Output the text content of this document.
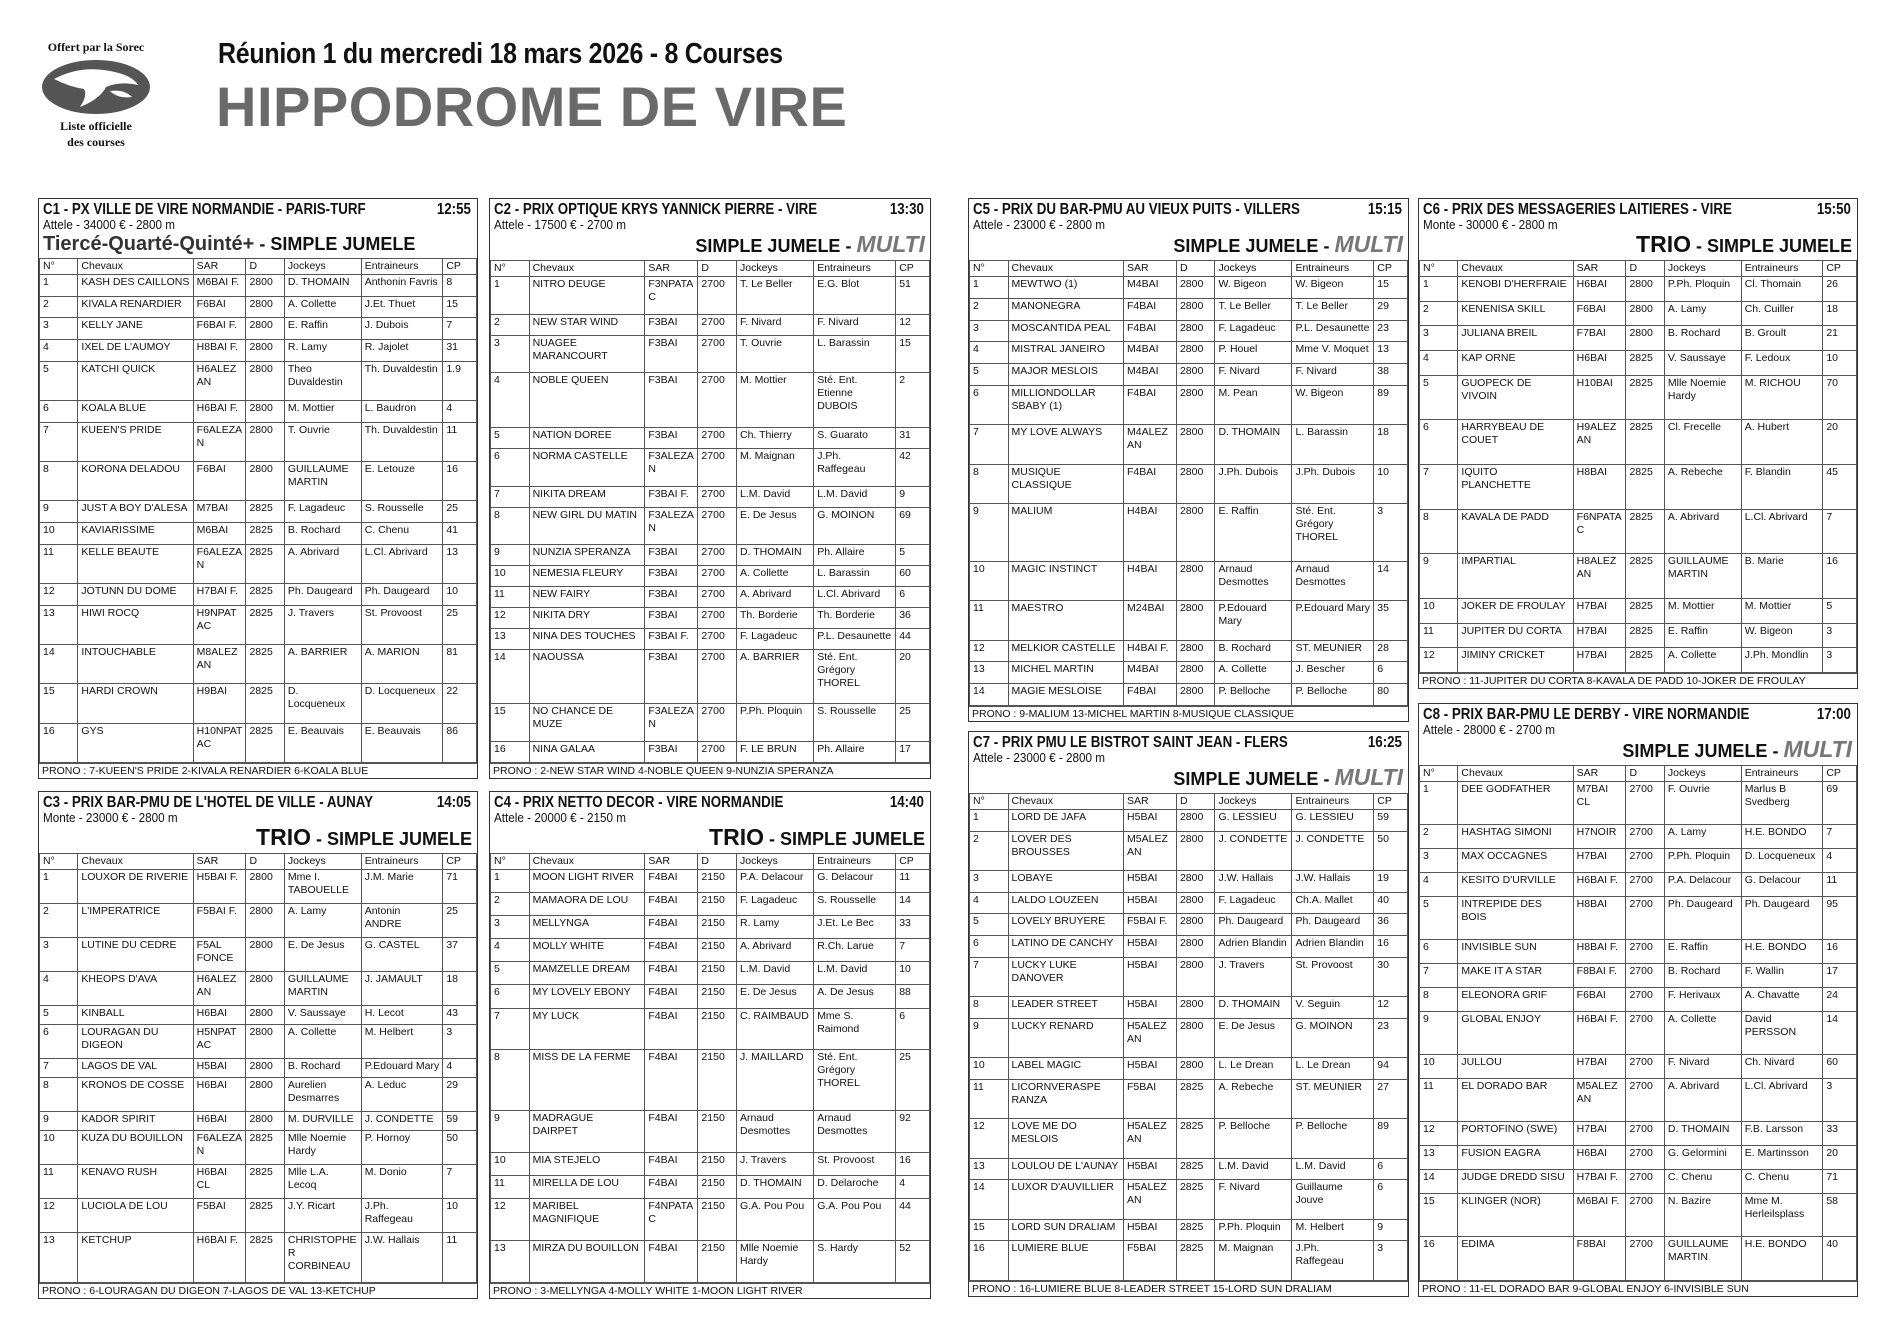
Offert par la Sorec
Liste officielle
des courses
Réunion 1 du mercredi 18 mars 2026 - 8 Courses
HIPPODROME DE VIRE
12:55
C1 - PX VILLE DE VIRE NORMANDIE - PARIS-TURF
Attele - 34000 € - 2800 m
Tiercé-Quarté-Quinté+ - SIMPLE JUMELE
N°	Chevaux	SAR	D	Jockeys	Entraineurs	CP
1	KASH DES CAILLONS	M6BAI F.	2800	D. THOMAIN	Anthonin Favris	8
2	KIVALA RENARDIER	F6BAI	2800	A. Collette	J.Et. Thuet	15
3	KELLY JANE	F6BAI F.	2800	E. Raffin	J. Dubois	7
4	IXEL DE L'AUMOY	H8BAI F.	2800	R. Lamy	R. Jajolet	31
5	KATCHI QUICK	H6ALEZAN	2800	Theo Duvaldestin	Th. Duvaldestin	1.9
6	KOALA BLUE	H6BAI F.	2800	M. Mottier	L. Baudron	4
7	KUEEN'S PRIDE	F6ALEZAN	2800	T. Ouvrie	Th. Duvaldestin	11
8	KORONA DELADOU	F6BAI	2800	GUILLAUME MARTIN	E. Letouze	16
9	JUST A BOY D'ALESA	M7BAI	2825	F. Lagadeuc	S. Rousselle	25
10	KAVIARISSIME	M6BAI	2825	B. Rochard	C. Chenu	41
11	KELLE BEAUTE	F6ALEZAN	2825	A. Abrivard	L.Cl. Abrivard	13
12	JOTUNN DU DOME	H7BAI F.	2825	Ph. Daugeard	Ph. Daugeard	10
13	HIWI ROCQ	H9NPATAC	2825	J. Travers	St. Provoost	25
14	INTOUCHABLE	M8ALEZAN	2825	A. BARRIER	A. MARION	81
15	HARDI CROWN	H9BAI	2825	D. Locqueneux	D. Locqueneux	22
16	GYS	H10NPATAC	2825	E. Beauvais	E. Beauvais	86
PRONO : 7-KUEEN'S PRIDE 2-KIVALA RENARDIER 6-KOALA BLUE
13:30
C2 - PRIX OPTIQUE KRYS YANNICK PIERRE - VIRE
Attele - 17500 € - 2700 m
SIMPLE JUMELE - MULTI
N°	Chevaux	SAR	D	Jockeys	Entraineurs	CP
1	NITRO DEUGE	F3NPATAC	2700	T. Le Beller	E.G. Blot	51
2	NEW STAR WIND	F3BAI	2700	F. Nivard	F. Nivard	12
3	NUAGEE MARANCOURT	F3BAI	2700	T. Ouvrie	L. Barassin	15
4	NOBLE QUEEN	F3BAI	2700	M. Mottier	Sté. Ent. Etienne DUBOIS	2
5	NATION DOREE	F3BAI	2700	Ch. Thierry	S. Guarato	31
6	NORMA CASTELLE	F3ALEZAN	2700	M. Maignan	J.Ph. Raffegeau	42
7	NIKITA DREAM	F3BAI F.	2700	L.M. David	L.M. David	9
8	NEW GIRL DU MATIN	F3ALEZAN	2700	E. De Jesus	G. MOINON	69
9	NUNZIA SPERANZA	F3BAI	2700	D. THOMAIN	Ph. Allaire	5
10	NEMESIA FLEURY	F3BAI	2700	A. Collette	L. Barassin	60
11	NEW FAIRY	F3BAI	2700	A. Abrivard	L.Cl. Abrivard	6
12	NIKITA DRY	F3BAI	2700	Th. Borderie	Th. Borderie	36
13	NINA DES TOUCHES	F3BAI F.	2700	F. Lagadeuc	P.L. Desaunette	44
14	NAOUSSA	F3BAI	2700	A. BARRIER	Sté. Ent. Grégory THOREL	20
15	NO CHANCE DE MUZE	F3ALEZAN	2700	P.Ph. Ploquin	S. Rousselle	25
16	NINA GALAA	F3BAI	2700	F. LE BRUN	Ph. Allaire	17
PRONO : 2-NEW STAR WIND 4-NOBLE QUEEN 9-NUNZIA SPERANZA
14:05
C3 - PRIX BAR-PMU DE L'HOTEL DE VILLE - AUNAY
Monte - 23000 € - 2800 m
TRIO - SIMPLE JUMELE
N°	Chevaux	SAR	D	Jockeys	Entraineurs	CP
1	LOUXOR DE RIVERIE	H5BAI F.	2800	Mme I. TABOUELLE	J.M. Marie	71
2	L'IMPERATRICE	F5BAI F.	2800	A. Lamy	Antonin ANDRE	25
3	LUTINE DU CEDRE	F5AL FONCE	2800	E. De Jesus	G. CASTEL	37
4	KHEOPS D'AVA	H6ALEZAN	2800	GUILLAUME MARTIN	J. JAMAULT	18
5	KINBALL	H6BAI	2800	V. Saussaye	H. Lecot	43
6	LOURAGAN DU DIGEON	H5NPATAC	2800	A. Collette	M. Helbert	3
7	LAGOS DE VAL	H5BAI	2800	B. Rochard	P.Edouard Mary	4
8	KRONOS DE COSSE	H6BAI	2800	Aurelien Desmarres	A. Leduc	29
9	KADOR SPIRIT	H6BAI	2800	M. DURVILLE	J. CONDETTE	59
10	KUZA DU BOUILLON	F6ALEZAN	2825	Mlle Noemie Hardy	P. Hornoy	50
11	KENAVO RUSH	H6BAI CL	2825	Mlle L.A. Lecoq	M. Donio	7
12	LUCIOLA DE LOU	F5BAI	2825	J.Y. Ricart	J.Ph. Raffegeau	10
13	KETCHUP	H6BAI F.	2825	CHRISTOPHER CORBINEAU	J.W. Hallais	11
PRONO : 6-LOURAGAN DU DIGEON 7-LAGOS DE VAL 13-KETCHUP
14:40
C4 - PRIX NETTO DECOR - VIRE NORMANDIE
Attele - 20000 € - 2150 m
TRIO - SIMPLE JUMELE
N°	Chevaux	SAR	D	Jockeys	Entraineurs	CP
1	MOON LIGHT RIVER	F4BAI	2150	P.A. Delacour	G. Delacour	11
2	MAMAORA DE LOU	F4BAI	2150	F. Lagadeuc	S. Rousselle	14
3	MELLYNGA	F4BAI	2150	R. Lamy	J.Et. Le Bec	33
4	MOLLY WHITE	F4BAI	2150	A. Abrivard	R.Ch. Larue	7
5	MAMZELLE DREAM	F4BAI	2150	L.M. David	L.M. David	10
6	MY LOVELY EBONY	F4BAI	2150	E. De Jesus	A. De Jesus	88
7	MY LUCK	F4BAI	2150	C. RAIMBAUD	Mme S. Raimond	6
8	MISS DE LA FERME	F4BAI	2150	J. MAILLARD	Sté. Ent. Grégory THOREL	25
9	MADRAGUE DAIRPET	F4BAI	2150	Arnaud Desmottes	Arnaud Desmottes	92
10	MIA STEJELO	F4BAI	2150	J. Travers	St. Provoost	16
11	MIRELLA DE LOU	F4BAI	2150	D. THOMAIN	D. Delaroche	4
12	MARIBEL MAGNIFIQUE	F4NPATAC	2150	G.A. Pou Pou	G.A. Pou Pou	44
13	MIRZA DU BOUILLON	F4BAI	2150	Mlle Noemie Hardy	S. Hardy	52
PRONO : 3-MELLYNGA 4-MOLLY WHITE 1-MOON LIGHT RIVER
15:15
C5 - PRIX DU BAR-PMU AU VIEUX PUITS - VILLERS
Attele - 23000 € - 2800 m
SIMPLE JUMELE - MULTI
N°	Chevaux	SAR	D	Jockeys	Entraineurs	CP
1	MEWTWO (1)	M4BAI	2800	W. Bigeon	W. Bigeon	15
2	MANONEGRA	F4BAI	2800	T. Le Beller	T. Le Beller	29
3	MOSCANTIDA PEAL	F4BAI	2800	F. Lagadeuc	P.L. Desaunette	23
4	MISTRAL JANEIRO	M4BAI	2800	P. Houel	Mme V. Moquet	13
5	MAJOR MESLOIS	M4BAI	2800	F. Nivard	F. Nivard	38
6	MILLIONDOLLAR SBABY (1)	F4BAI	2800	M. Pean	W. Bigeon	89
7	MY LOVE ALWAYS	M4ALEZAN	2800	D. THOMAIN	L. Barassin	18
8	MUSIQUE CLASSIQUE	F4BAI	2800	J.Ph. Dubois	J.Ph. Dubois	10
9	MALIUM	H4BAI	2800	E. Raffin	Sté. Ent. Grégory THOREL	3
10	MAGIC INSTINCT	H4BAI	2800	Arnaud Desmottes	Arnaud Desmottes	14
11	MAESTRO	M24BAI	2800	P.Edouard Mary	P.Edouard Mary	35
12	MELKIOR CASTELLE	H4BAI F.	2800	B. Rochard	ST. MEUNIER	28
13	MICHEL MARTIN	M4BAI	2800	A. Collette	J. Bescher	6
14	MAGIE MESLOISE	F4BAI	2800	P. Belloche	P. Belloche	80
PRONO : 9-MALIUM 13-MICHEL MARTIN 8-MUSIQUE CLASSIQUE
15:50
C6 - PRIX DES MESSAGERIES LAITIERES - VIRE
Monte - 30000 € - 2800 m
TRIO - SIMPLE JUMELE
N°	Chevaux	SAR	D	Jockeys	Entraineurs	CP
1	KENOBI D'HERFRAIE	H6BAI	2800	P.Ph. Ploquin	Cl. Thomain	26
2	KENENISA SKILL	F6BAI	2800	A. Lamy	Ch. Cuiller	18
3	JULIANA BREIL	F7BAI	2800	B. Rochard	B. Groult	21
4	KAP ORNE	H6BAI	2825	V. Saussaye	F. Ledoux	10
5	GUOPECK DE VIVOIN	H10BAI	2825	Mlle Noemie Hardy	M. RICHOU	70
6	HARRYBEAU DE COUET	H9ALEZAN	2825	Cl. Frecelle	A. Hubert	20
7	IQUITO PLANCHETTE	H8BAI	2825	A. Rebeche	F. Blandin	45
8	KAVALA DE PADD	F6NPATAC	2825	A. Abrivard	L.Cl. Abrivard	7
9	IMPARTIAL	H8ALEZAN	2825	GUILLAUME MARTIN	B. Marie	16
10	JOKER DE FROULAY	H7BAI	2825	M. Mottier	M. Mottier	5
11	JUPITER DU CORTA	H7BAI	2825	E. Raffin	W. Bigeon	3
12	JIMINY CRICKET	H7BAI	2825	A. Collette	J.Ph. Mondlin	3
PRONO : 11-JUPITER DU CORTA 8-KAVALA DE PADD 10-JOKER DE FROULAY
16:25
C7 - PRIX PMU LE BISTROT SAINT JEAN - FLERS
Attele - 23000 € - 2800 m
SIMPLE JUMELE - MULTI
N°	Chevaux	SAR	D	Jockeys	Entraineurs	CP
1	LORD DE JAFA	H5BAI	2800	G. LESSIEU	G. LESSIEU	59
2	LOVER DES BROUSSES	M5ALEZAN	2800	J. CONDETTE	J. CONDETTE	50
3	LOBAYE	H5BAI	2800	J.W. Hallais	J.W. Hallais	19
4	LALDO LOUZEEN	H5BAI	2800	F. Lagadeuc	Ch.A. Mallet	40
5	LOVELY BRUYERE	F5BAI F.	2800	Ph. Daugeard	Ph. Daugeard	36
6	LATINO DE CANCHY	H5BAI	2800	Adrien Blandin	Adrien Blandin	16
7	LUCKY LUKE DANOVER	H5BAI	2800	J. Travers	St. Provoost	30
8	LEADER STREET	H5BAI	2800	D. THOMAIN	V. Seguin	12
9	LUCKY RENARD	H5ALEZAN	2800	E. De Jesus	G. MOINON	23
10	LABEL MAGIC	H5BAI	2800	L. Le Drean	L. Le Drean	94
11	LICORNVERASPE RANZA	F5BAI	2825	A. Rebeche	ST. MEUNIER	27
12	LOVE ME DO MESLOIS	H5ALEZAN	2825	P. Belloche	P. Belloche	89
13	LOULOU DE L'AUNAY	H5BAI	2825	L.M. David	L.M. David	6
14	LUXOR D'AUVILLIER	H5ALEZAN	2825	F. Nivard	Guillaume Jouve	6
15	LORD SUN DRALIAM	H5BAI	2825	P.Ph. Ploquin	M. Helbert	9
16	LUMIERE BLUE	F5BAI	2825	M. Maignan	J.Ph. Raffegeau	3
PRONO : 16-LUMIERE BLUE 8-LEADER STREET 15-LORD SUN DRALIAM
17:00
C8 - PRIX BAR-PMU LE DERBY - VIRE NORMANDIE
Attele - 28000 € - 2700 m
SIMPLE JUMELE - MULTI
N°	Chevaux	SAR	D	Jockeys	Entraineurs	CP
1	DEE GODFATHER	M7BAI CL	2700	F. Ouvrie	Marlus B Svedberg	69
2	HASHTAG SIMONI	H7NOIR	2700	A. Lamy	H.E. BONDO	7
3	MAX OCCAGNES	H7BAI	2700	P.Ph. Ploquin	D. Locqueneux	4
4	KESITO D'URVILLE	H6BAI F.	2700	P.A. Delacour	G. Delacour	11
5	INTREPIDE DES BOIS	H8BAI	2700	Ph. Daugeard	Ph. Daugeard	95
6	INVISIBLE SUN	H8BAI F.	2700	E. Raffin	H.E. BONDO	16
7	MAKE IT A STAR	F8BAI F.	2700	B. Rochard	F. Wallin	17
8	ELEONORA GRIF	F6BAI	2700	F. Herivaux	A. Chavatte	24
9	GLOBAL ENJOY	H6BAI F.	2700	A. Collette	David PERSSON	14
10	JULLOU	H7BAI	2700	F. Nivard	Ch. Nivard	60
11	EL DORADO BAR	M5ALEZAN	2700	A. Abrivard	L.Cl. Abrivard	3
12	PORTOFINO (SWE)	H7BAI	2700	D. THOMAIN	F.B. Larsson	33
13	FUSION EAGRA	H6BAI	2700	G. Gelormini	E. Martinsson	20
14	JUDGE DREDD SISU	H7BAI F.	2700	C. Chenu	C. Chenu	71
15	KLINGER (NOR)	M6BAI F.	2700	N. Bazire	Mme M. Herleilsplass	58
16	EDIMA	F8BAI	2700	GUILLAUME MARTIN	H.E. BONDO	40
PRONO : 11-EL DORADO BAR 9-GLOBAL ENJOY 6-INVISIBLE SUN
